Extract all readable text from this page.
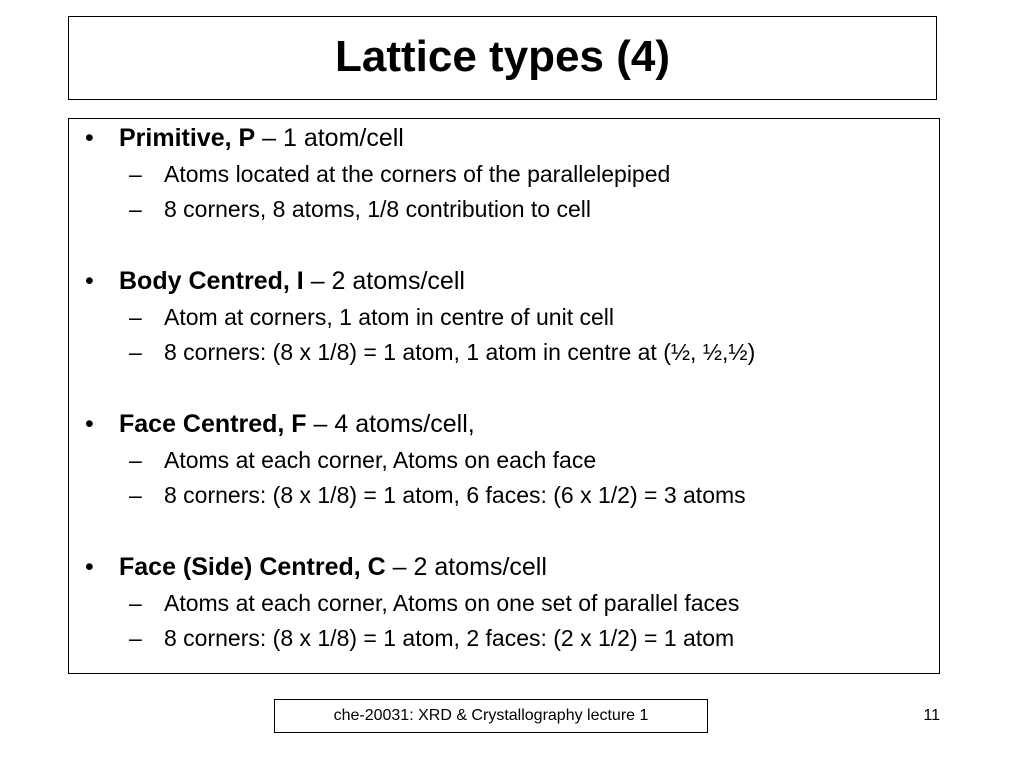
Lattice types (4)
• Primitive, P – 1 atom/cell
– Atoms located at the corners of the parallelepiped
– 8 corners, 8 atoms, 1/8 contribution to cell
• Body Centred, I – 2 atoms/cell
– Atom at corners, 1 atom in centre of unit cell
– 8 corners: (8 x 1/8) = 1 atom, 1 atom in centre at (½, ½,½)
• Face Centred, F – 4 atoms/cell,
– Atoms at each corner, Atoms on each face
– 8 corners: (8 x 1/8) = 1 atom, 6 faces: (6 x 1/2) = 3 atoms
• Face (Side) Centred, C – 2 atoms/cell
– Atoms at each corner, Atoms on one set of parallel faces
– 8 corners: (8 x 1/8) = 1 atom, 2 faces: (2 x 1/2) = 1 atom
che-20031: XRD & Crystallography lecture 1	11
